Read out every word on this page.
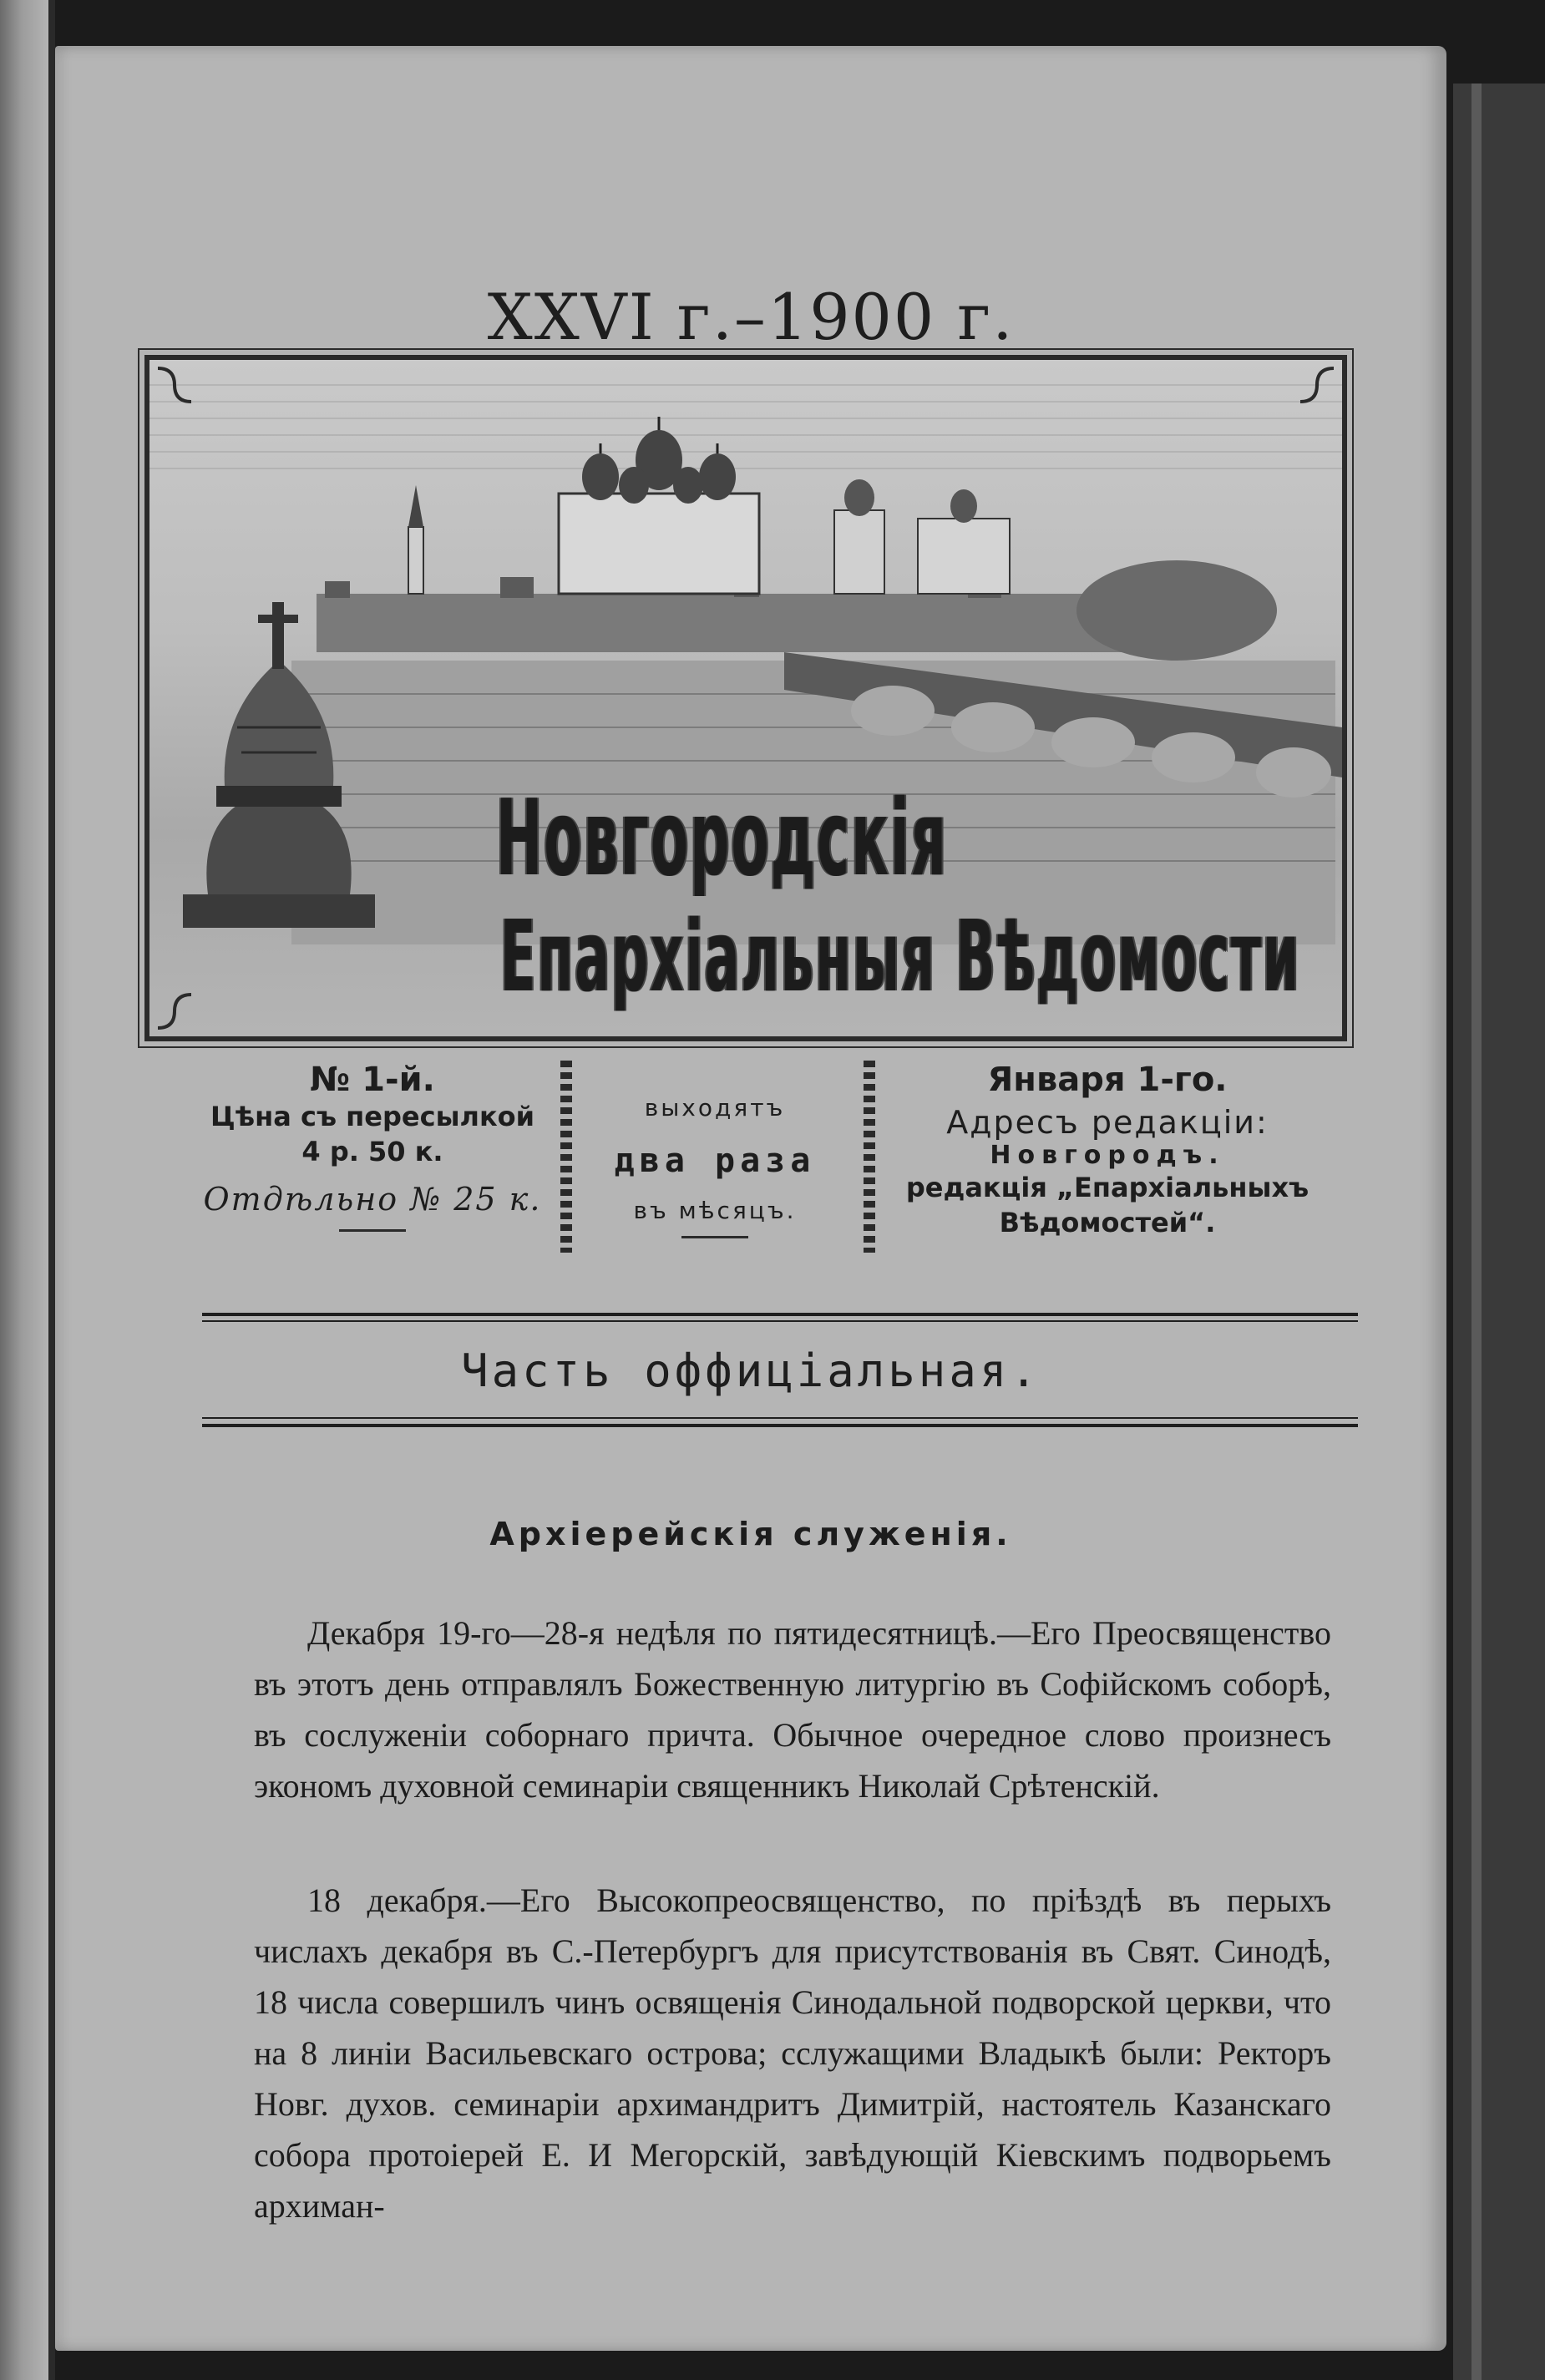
XXVI г.–1900 г.
Новгородскія
Епархіальныя Вѣдомости
№ 1-й.
Цѣна съ пересылкой
4 р. 50 к.
Отдѣльно № 25 к.
выходятъ
два раза
въ мѣсяцъ.
Января 1-го.
Адресъ редакціи:
Новгородъ.
редакція „Епархіальныхъ
Вѣдомостей“.
Часть оффиціальная.
Архіерейскія служенія.
Декабря 19-го—28-я недѣля по пятидесятницѣ.—Его Преосвященство въ этотъ день отправлялъ Божественную литургію въ Софійскомъ соборѣ, въ сослуженіи соборнаго причта. Обычное очередное слово произнесъ экономъ духовной семинаріи священникъ Николай Срѣтенскій.
18 декабря.—Его Высокопреосвященство, по пріѣздѣ въ перыхъ числахъ декабря въ С.-Петербургъ для присутствованія въ Свят. Синодѣ, 18 числа совершилъ чинъ освященія Синодальной подворской церкви, что на 8 линіи Васильевскаго острова; сслужащими Владыкѣ были: Ректоръ Новг. духов. семинаріи архимандритъ Димитрій, настоятель Казанскаго собора протоіерей Е. И Мегорскій, завѣдующій Кіевскимъ подворьемъ архиман-
